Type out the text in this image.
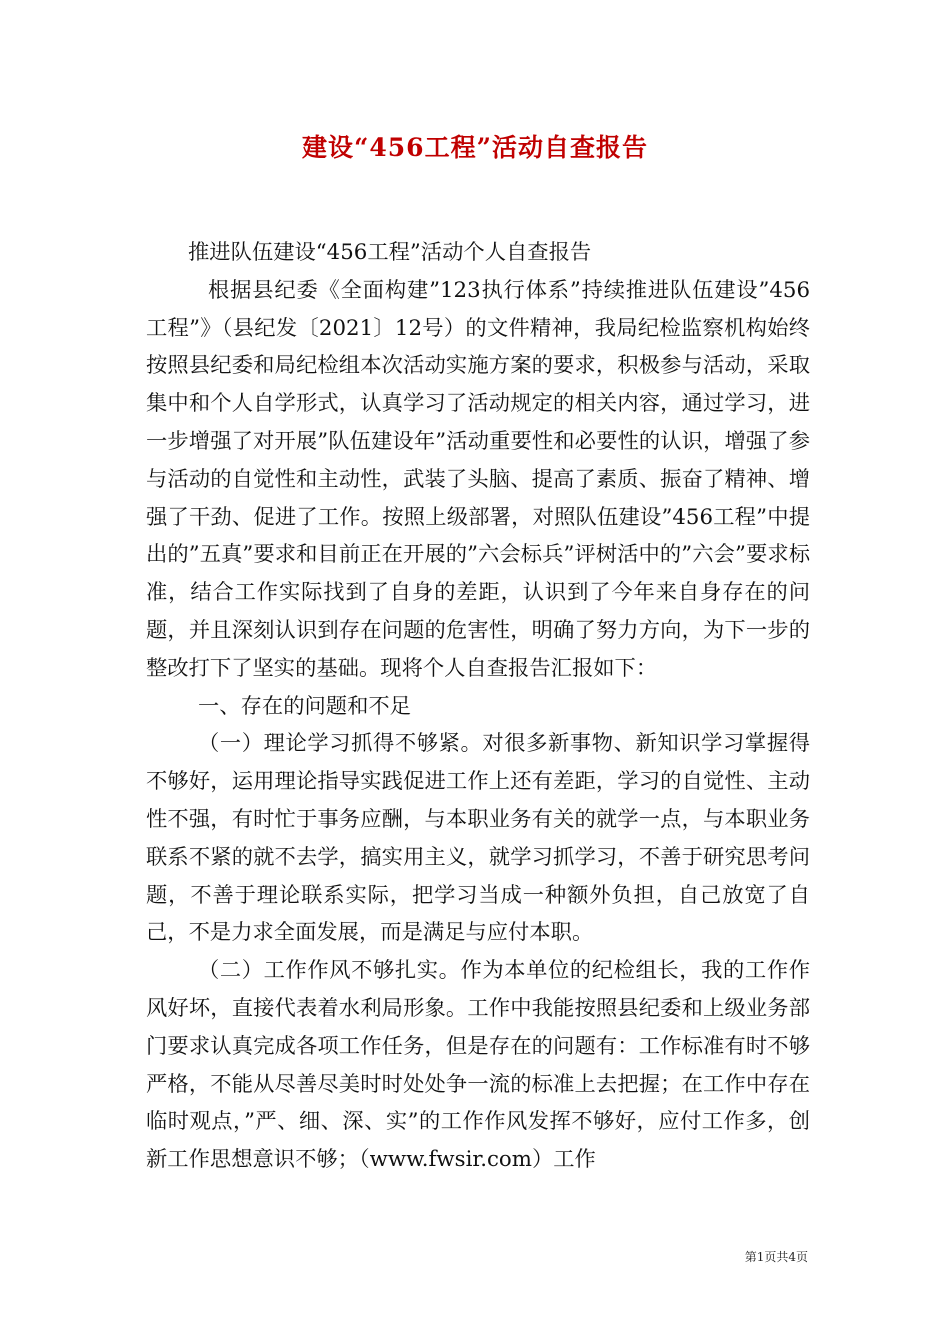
建设“456工程”活动自查报告

推进队伍建设“456工程”活动个人自查报告

根据县纪委《全面构建”123执行体系”持续推进队伍建设”456工程”》（县纪发〔2021〕12号）的文件精神，我局纪检监察机构始终按照县纪委和局纪检组本次活动实施方案的要求，积极参与活动，采取集中和个人自学形式，认真学习了活动规定的相关内容，通过学习，进一步增强了对开展”队伍建设年”活动重要性和必要性的认识，增强了参与活动的自觉性和主动性，武装了头脑、提高了素质、振奋了精神、增强了干劲、促进了工作。按照上级部署，对照队伍建设”456工程”中提出的”五真”要求和目前正在开展的”六会标兵”评树活中的”六会”要求标准，结合工作实际找到了自身的差距，认识到了今年来自身存在的问题，并且深刻认识到存在问题的危害性，明确了努力方向，为下一步的整改打下了坚实的基础。现将个人自查报告汇报如下：

一、存在的问题和不足

（一）理论学习抓得不够紧。对很多新事物、新知识学习掌握得不够好，运用理论指导实践促进工作上还有差距，学习的自觉性、主动性不强，有时忙于事务应酬，与本职业务有关的就学一点，与本职业务联系不紧的就不去学，搞实用主义，就学习抓学习，不善于研究思考问题，不善于理论联系实际，把学习当成一种额外负担，自己放宽了自己，不是力求全面发展，而是满足与应付本职。

（二）工作作风不够扎实。作为本单位的纪检组长，我的工作作风好坏，直接代表着水利局形象。工作中我能按照县纪委和上级业务部门要求认真完成各项工作任务，但是存在的问题有：工作标准有时不够严格，不能从尽善尽美时时处处争一流的标准上去把握；在工作中存在临时观点，”严、细、深、实”的工作作风发挥不够好，应付工作多，创新工作思想意识不够；（www.fwsir.com）工作

第1页共4页
